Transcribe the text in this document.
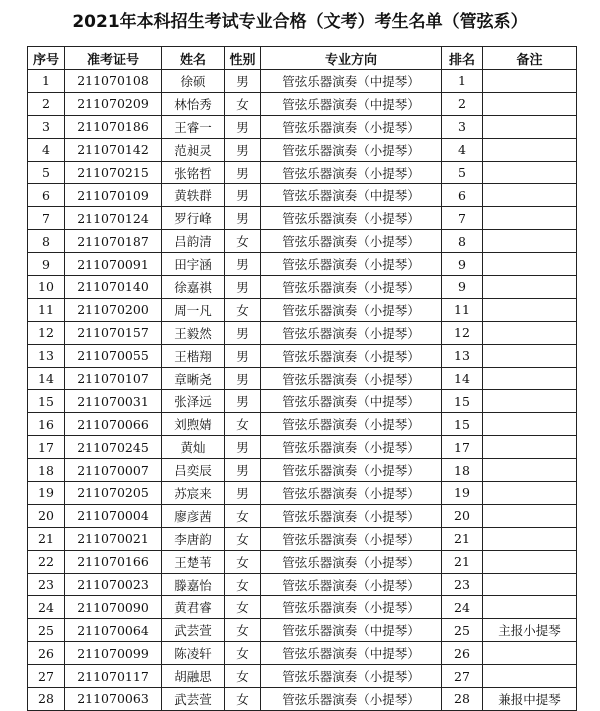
2021年本科招生考试专业合格（文考）考生名单（管弦系）
序号	准考证号	姓名	性别	专业方向	排名	备注
1	211070108	徐硕	男	管弦乐器演奏（中提琴）	1	
2	211070209	林怡秀	女	管弦乐器演奏（中提琴）	2	
3	211070186	王睿一	男	管弦乐器演奏（小提琴）	3	
4	211070142	范昶灵	男	管弦乐器演奏（小提琴）	4	
5	211070215	张铭哲	男	管弦乐器演奏（小提琴）	5	
6	211070109	黄轶群	男	管弦乐器演奏（中提琴）	6	
7	211070124	罗行峰	男	管弦乐器演奏（小提琴）	7	
8	211070187	吕韵清	女	管弦乐器演奏（小提琴）	8	
9	211070091	田宇涵	男	管弦乐器演奏（小提琴）	9	
10	211070140	徐嘉祺	男	管弦乐器演奏（小提琴）	9	
11	211070200	周一凡	女	管弦乐器演奏（小提琴）	11	
12	211070157	王毅然	男	管弦乐器演奏（小提琴）	12	
13	211070055	王楷翔	男	管弦乐器演奏（小提琴）	13	
14	211070107	章晰尧	男	管弦乐器演奏（小提琴）	14	
15	211070031	张泽远	男	管弦乐器演奏（中提琴）	15	
16	211070066	刘煦婧	女	管弦乐器演奏（小提琴）	15	
17	211070245	黄灿	男	管弦乐器演奏（小提琴）	17	
18	211070007	吕奕辰	男	管弦乐器演奏（小提琴）	18	
19	211070205	苏宸来	男	管弦乐器演奏（小提琴）	19	
20	211070004	廖彦茜	女	管弦乐器演奏（小提琴）	20	
21	211070021	李唐韵	女	管弦乐器演奏（小提琴）	21	
22	211070166	王楚苇	女	管弦乐器演奏（小提琴）	21	
23	211070023	滕嘉怡	女	管弦乐器演奏（小提琴）	23	
24	211070090	黄君睿	女	管弦乐器演奏（小提琴）	24	
25	211070064	武芸萱	女	管弦乐器演奏（中提琴）	25	主报小提琴
26	211070099	陈凌轩	女	管弦乐器演奏（中提琴）	26	
27	211070117	胡融思	女	管弦乐器演奏（小提琴）	27	
28	211070063	武芸萱	女	管弦乐器演奏（小提琴）	28	兼报中提琴
